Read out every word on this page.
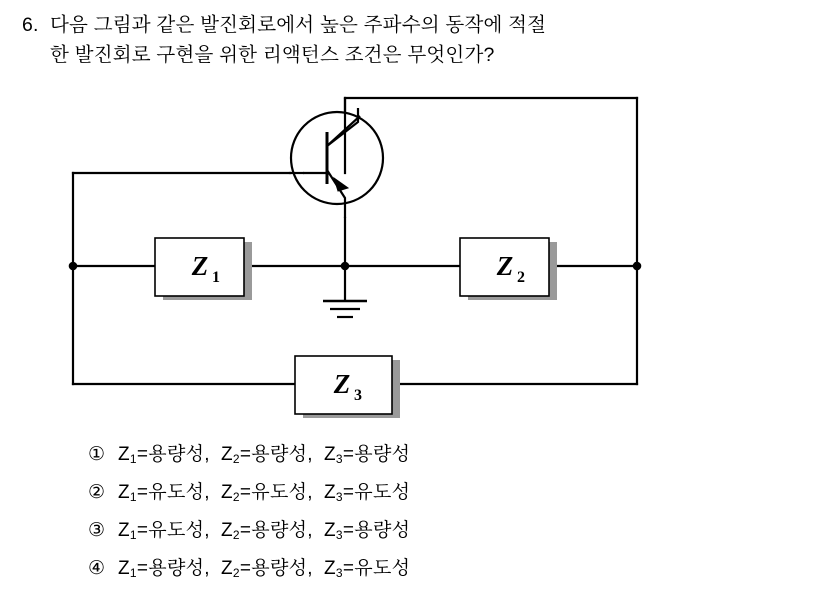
6. 다음 그림과 같은 발진회로에서 높은 주파수의 동작에 적절
한 발진회로 구현을 위한 리액턴스 조건은 무엇인가?
Z 1	Z 2
Z 3
① $Z_1=$용량성, $Z_2=$용량성, $Z_3=$용량성
② $Z_1=$유도성, $Z_2=$유도성, $Z_3=$유도성
③ $Z_1=$유도성, $Z_2=$용량성, $Z_3=$용량성
④ $Z_1=$용량성, $Z_2=$용량성, $Z_3=$유도성
